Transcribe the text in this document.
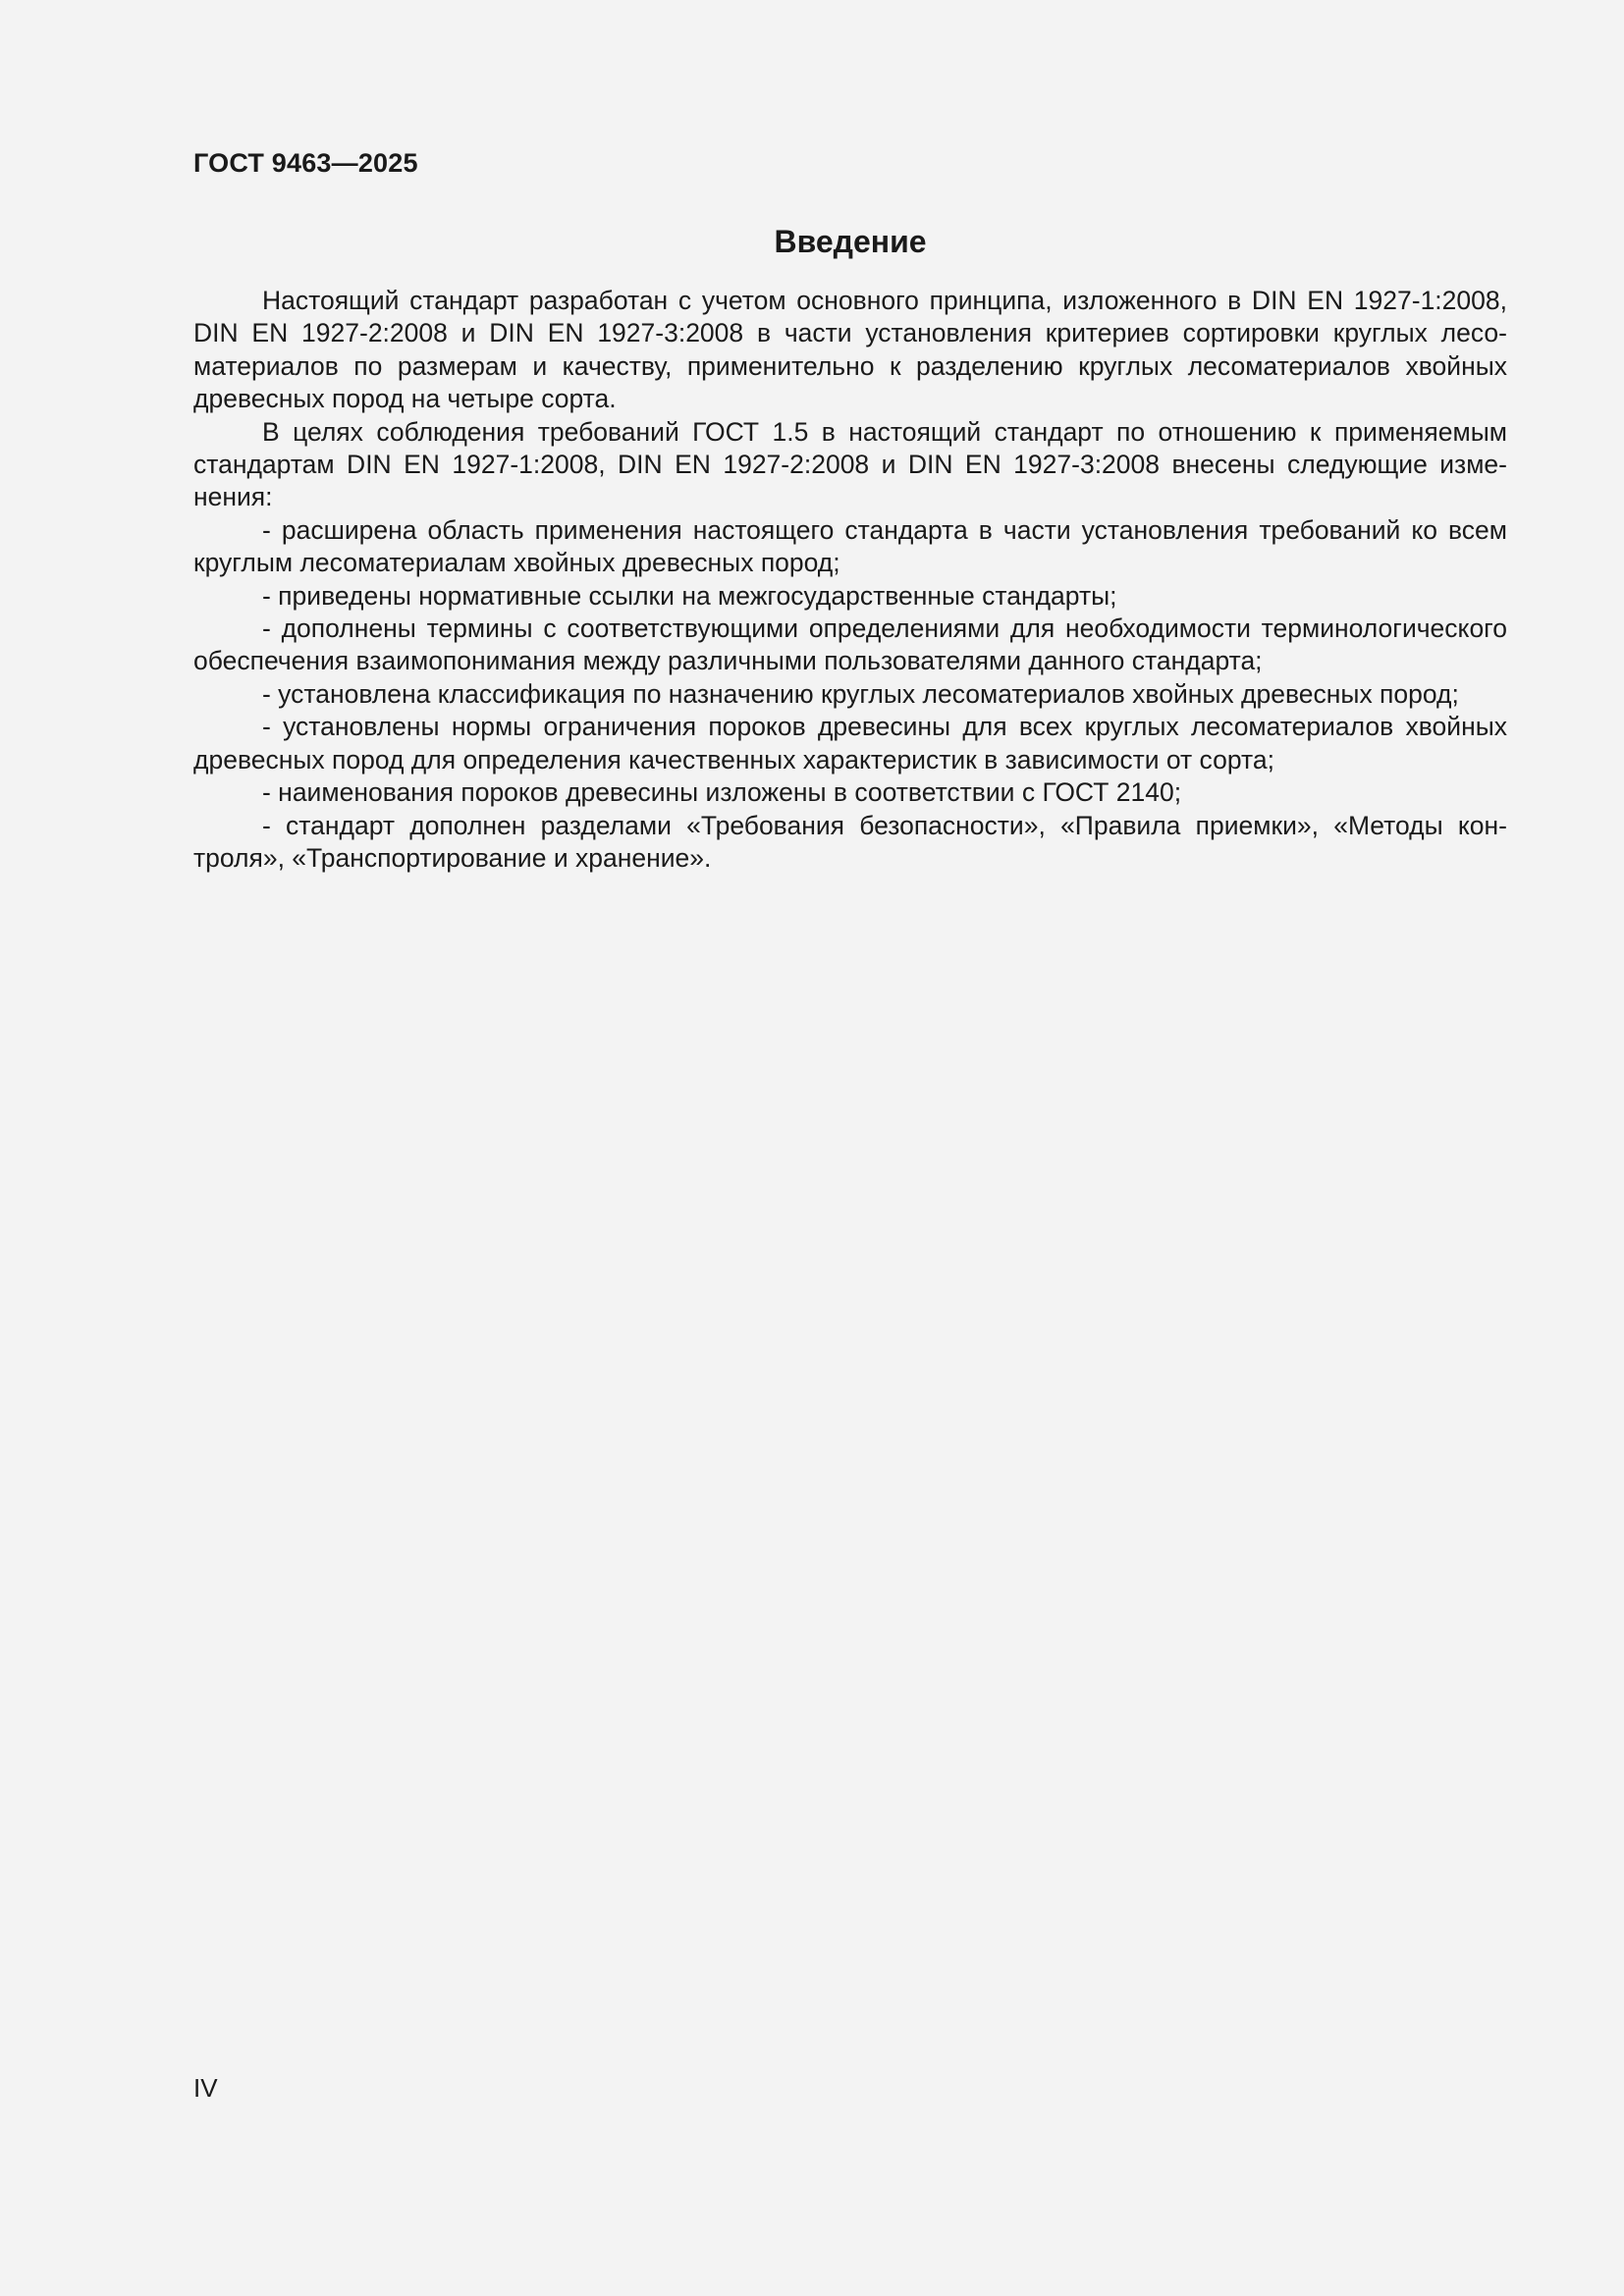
ГОСТ 9463—2025
Введение

Настоящий стандарт разработан с учетом основного принципа, изложенного в DIN EN 1927-1:2008, DIN EN 1927-2:2008 и DIN EN 1927-3:2008 в части установления критериев сортировки круглых лесоматериалов по размерам и качеству, применительно к разделению круглых лесоматериалов хвойных древесных пород на четыре сорта.

В целях соблюдения требований ГОСТ 1.5 в настоящий стандарт по отношению к применяемым стандартам DIN EN 1927-1:2008, DIN EN 1927-2:2008 и DIN EN 1927-3:2008 внесены следующие изменения:

- расширена область применения настоящего стандарта в части установления требований ко всем круглым лесоматериалам хвойных древесных пород;

- приведены нормативные ссылки на межгосударственные стандарты;

- дополнены термины с соответствующими определениями для необходимости терминологического обеспечения взаимопонимания между различными пользователями данного стандарта;

- установлена классификация по назначению круглых лесоматериалов хвойных древесных пород;

- установлены нормы ограничения пороков древесины для всех круглых лесоматериалов хвойных древесных пород для определения качественных характеристик в зависимости от сорта;

- наименования пороков древесины изложены в соответствии с ГОСТ 2140;

- стандарт дополнен разделами «Требования безопасности», «Правила приемки», «Методы контроля», «Транспортирование и хранение».

IV
